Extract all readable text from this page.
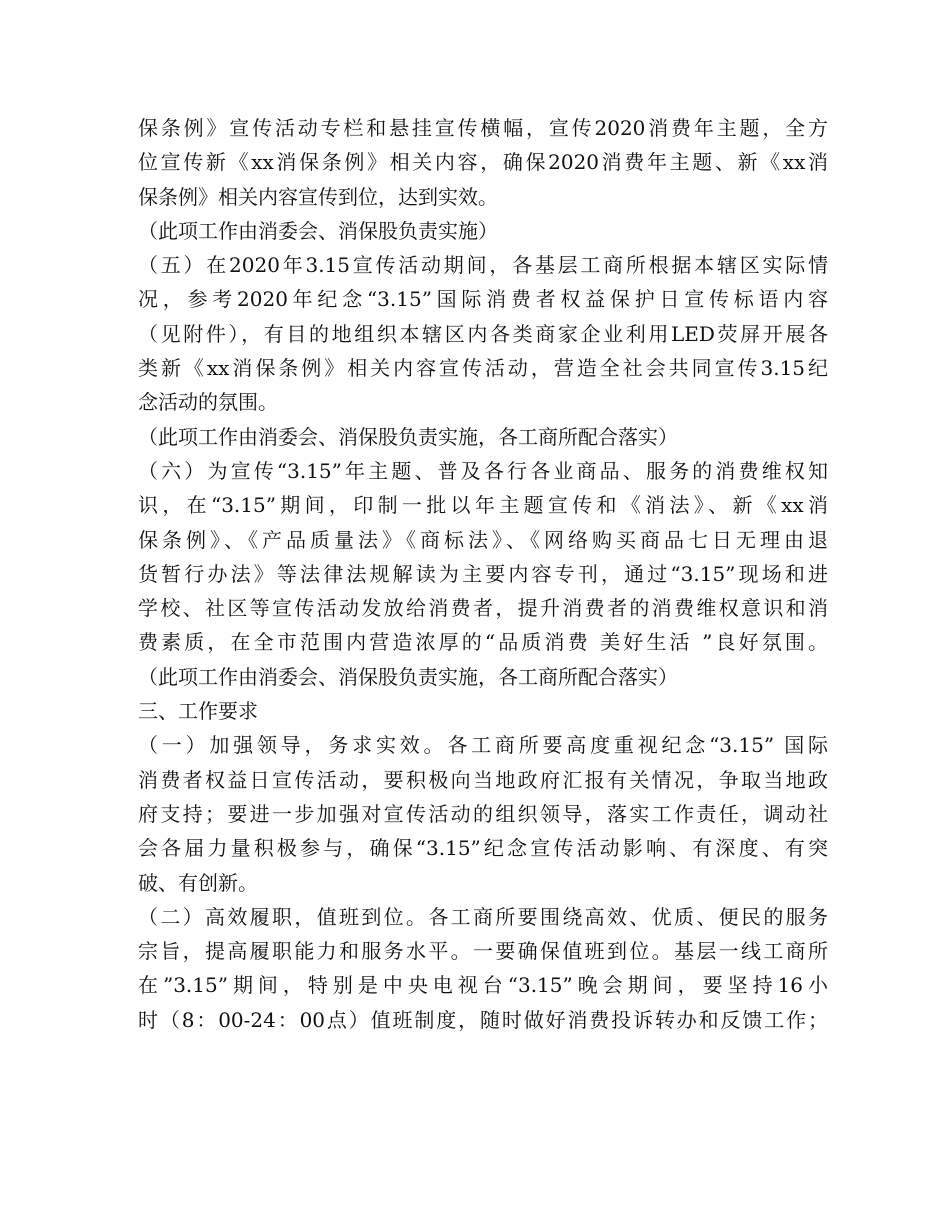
保条例》宣传活动专栏和悬挂宣传横幅，宣传2020消费年主题，全方
位宣传新《xx消保条例》相关内容，确保2020消费年主题、新《xx消
保条例》相关内容宣传到位，达到实效。
（此项工作由消委会、消保股负责实施）
（五）在2020年3.15宣传活动期间，各基层工商所根据本辖区实际情
况，参考2020年纪念“3.15”国际消费者权益保护日宣传标语内容
（见附件），有目的地组织本辖区内各类商家企业利用LED荧屏开展各
类新《xx消保条例》相关内容宣传活动，营造全社会共同宣传3.15纪
念活动的氛围。
（此项工作由消委会、消保股负责实施，各工商所配合落实）
（六）为宣传“3.15”年主题、普及各行各业商品、服务的消费维权知
识，在“3.15”期间，印制一批以年主题宣传和《消法》、新《xx消
保条例》、《产品质量法》《商标法》、《网络购买商品七日无理由退
货暂行办法》等法律法规解读为主要内容专刊，通过“3.15”现场和进
学校、社区等宣传活动发放给消费者，提升消费者的消费维权意识和消
费素质，在全市范围内营造浓厚的“品质消费 美好生活 ”良好氛围。
（此项工作由消委会、消保股负责实施，各工商所配合落实）
三、工作要求
（一）加强领导，务求实效。各工商所要高度重视纪念“3.15” 国际
消费者权益日宣传活动，要积极向当地政府汇报有关情况，争取当地政
府支持；要进一步加强对宣传活动的组织领导，落实工作责任，调动社
会各届力量积极参与，确保“3.15”纪念宣传活动影响、有深度、有突
破、有创新。
（二）高效履职，值班到位。各工商所要围绕高效、优质、便民的服务
宗旨，提高履职能力和服务水平。一要确保值班到位。基层一线工商所
在”3.15”期间，特别是中央电视台“3.15”晚会期间，要坚持16小
时（8：00-24：00点）值班制度，随时做好消费投诉转办和反馈工作；
